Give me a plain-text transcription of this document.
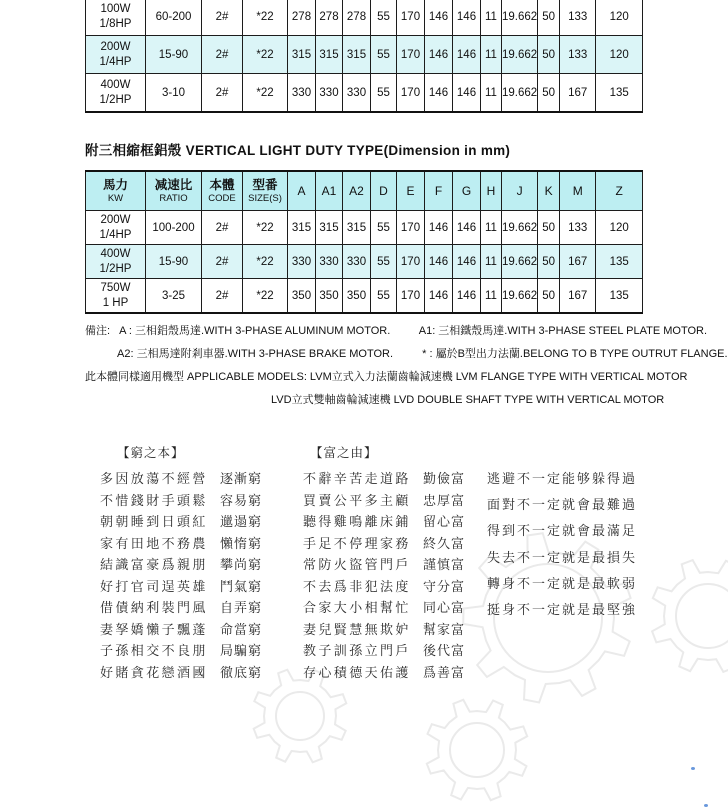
100W
1/8HP	60-200	2#	*22	278	278	278	55	170	146	146	11	19.662	50	133	120
200W
1/4HP	15-90	2#	*22	315	315	315	55	170	146	146	11	19.662	50	133	120
400W
1/2HP	3-10	2#	*22	330	330	330	55	170	146	146	11	19.662	50	167	135
附三相縮框鋁殼 VERTICAL LIGHT DUTY TYPE(Dimension in mm)
馬力
KW	减速比
RATIO	本體
CODE	型番
SIZE(S)	A	A1	A2	D	E	F	G	H	J	K	M	Z
200W
1/4HP	100-200	2#	*22	315	315	315	55	170	146	146	11	19.662	50	133	120
400W
1/2HP	15-90	2#	*22	330	330	330	55	170	146	146	11	19.662	50	167	135
750W
1 HP	3-25	2#	*22	350	350	350	55	170	146	146	11	19.662	50	167	135
備注: A : 三相鋁殼馬達.WITH 3-PHASE ALUMINUM MOTOR.	A1: 三相鐵殼馬達.WITH 3-PHASE STEEL PLATE MOTOR.
A2: 三相馬達附剎車器.WITH 3-PHASE BRAKE MOTOR.	* : 屬於B型出力法蘭.BELONG TO B TYPE OUTRUT FLANGE.
此本體同樣適用機型 APPLICABLE MODELS: LVM立式入力法蘭齒輪減速機 LVM FLANGE TYPE WITH VERTICAL MOTOR
LVD立式雙軸齒輪減速機 LVD DOUBLE SHAFT TYPE WITH VERTICAL MOTOR
【窮之本】	【富之由】
多因放蕩不經營 逐漸窮
不惜錢財手頭鬆 容易窮
朝朝睡到日頭紅 邋遢窮
家有田地不務農 懶惰窮
結識富豪爲親朋 攀尚窮
好打官司逞英雄 鬥氣窮
借債納利裝門風 自弄窮
妻孥嬌懶子飄蓬 命當窮
子孫相交不良朋 局騙窮
好賭貪花戀酒國 徹底窮
不辭辛苦走道路 勤儉富
買賣公平多主顧 忠厚富
聽得雞鳴離床鋪 留心富
手足不停理家務 終久富
常防火盜管門戶 謹慎富
不去爲非犯法度 守分富
合家大小相幫忙 同心富
妻兒賢慧無欺妒 幫家富
教子訓孫立門戶 後代富
存心積德天佑護 爲善富
逃避不一定能够躲得過
面對不一定就會最難過
得到不一定就會最滿足
失去不一定就是最損失
轉身不一定就是最軟弱
挺身不一定就是最堅強
